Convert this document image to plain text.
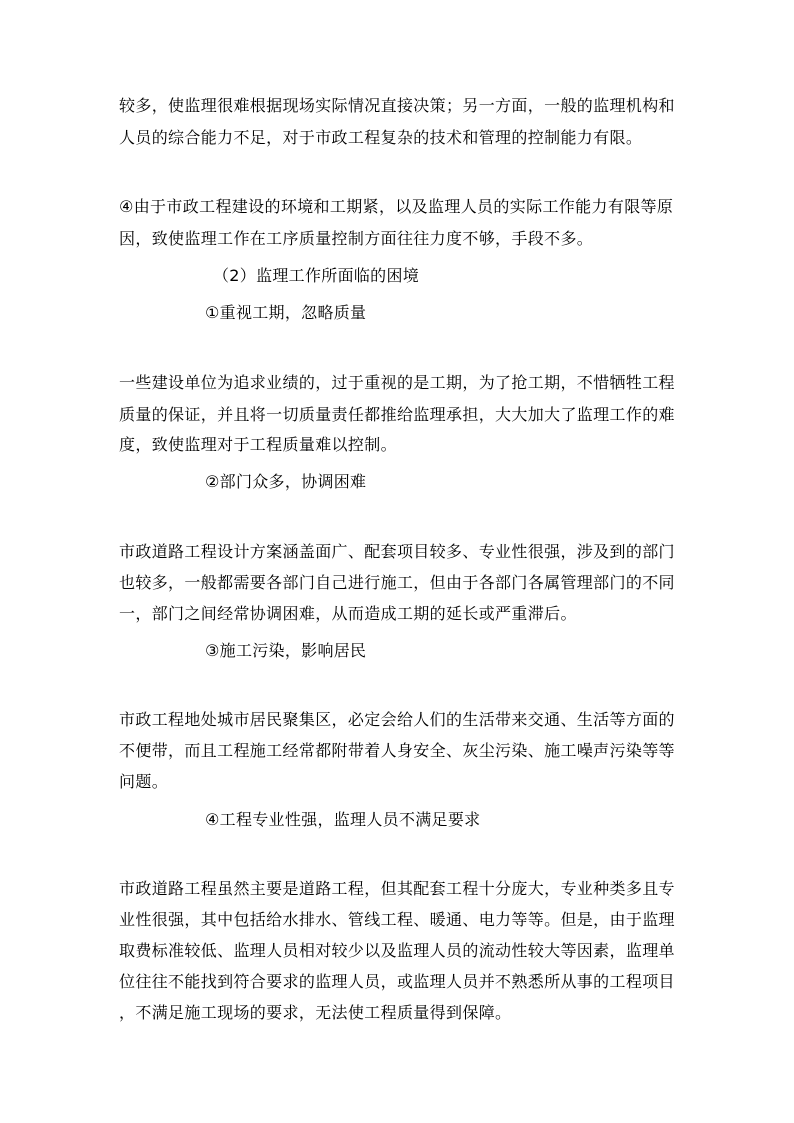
较多，使监理很难根据现场实际情况直接决策；另一方面，一般的监理机构和
人员的综合能力不足，对于市政工程复杂的技术和管理的控制能力有限。
④由于市政工程建设的环境和工期紧，以及监理人员的实际工作能力有限等原
因，致使监理工作在工序质量控制方面往往力度不够，手段不多。
（2）监理工作所面临的困境
①重视工期，忽略质量
一些建设单位为追求业绩的，过于重视的是工期，为了抢工期，不惜牺牲工程
质量的保证，并且将一切质量责任都推给监理承担，大大加大了监理工作的难
度，致使监理对于工程质量难以控制。
②部门众多，协调困难
市政道路工程设计方案涵盖面广、配套项目较多、专业性很强，涉及到的部门
也较多，一般都需要各部门自己进行施工，但由于各部门各属管理部门的不同
一，部门之间经常协调困难，从而造成工期的延长或严重滞后。
③施工污染，影响居民
市政工程地处城市居民聚集区，必定会给人们的生活带来交通、生活等方面的
不便带，而且工程施工经常都附带着人身安全、灰尘污染、施工噪声污染等等
问题。
④工程专业性强，监理人员不满足要求
市政道路工程虽然主要是道路工程，但其配套工程十分庞大，专业种类多且专
业性很强，其中包括给水排水、管线工程、暖通、电力等等。但是，由于监理
取费标准较低、监理人员相对较少以及监理人员的流动性较大等因素，监理单
位往往不能找到符合要求的监理人员，或监理人员并不熟悉所从事的工程项目
，不满足施工现场的要求，无法使工程质量得到保障。
